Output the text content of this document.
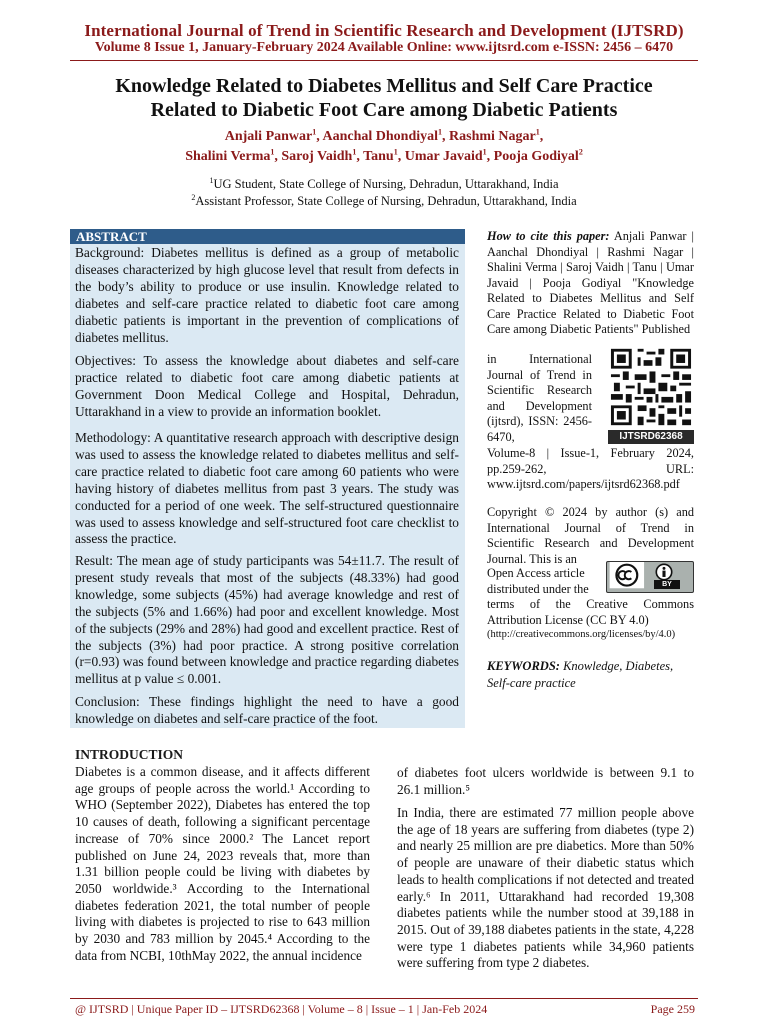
International Journal of Trend in Scientific Research and Development (IJTSRD)
Volume 8 Issue 1, January-February 2024 Available Online: www.ijtsrd.com e-ISSN: 2456 – 6470
Knowledge Related to Diabetes Mellitus and Self Care Practice
Related to Diabetic Foot Care among Diabetic Patients
Anjali Panwar$^1$, Aanchal Dhondiyal$^1$, Rashmi Nagar$^1$,
Shalini Verma$^1$, Saroj Vaidh$^1$, Tanu$^1$, Umar Javaid$^1$, Pooja Godiyal$^2$
$^1$UG Student, State College of Nursing, Dehradun, Uttarakhand, India
$^2$Assistant Professor, State College of Nursing, Dehradun, Uttarakhand, India
ABSTRACT
Background: Diabetes mellitus is defined as a group of metabolic diseases characterized by high glucose level that result from defects in the body’s ability to produce or use insulin. Knowledge related to diabetes and self-care practice related to diabetic foot care among diabetic patients is important in the prevention of complications of diabetes mellitus.
Objectives: To assess the knowledge about diabetes and self-care practice related to diabetic foot care among diabetic patients at Government Doon Medical College and Hospital, Dehradun, Uttarakhand in a view to provide an information booklet.
Methodology: A quantitative research approach with descriptive design was used to assess the knowledge related to diabetes mellitus and self-care practice related to diabetic foot care among 60 patients who were having history of diabetes mellitus from past 3 years. The study was conducted for a period of one week. The self-structured questionnaire was used to assess knowledge and self-structured foot care checklist to assess the practice.
Result: The mean age of study participants was 54±11.7. The result of present study reveals that most of the subjects (48.33%) had good knowledge, some subjects (45%) had average knowledge and rest of the subjects (5% and 1.66%) had poor and excellent knowledge. Most of the subjects (29% and 28%) had good and excellent practice. Rest of the subjects (3%) had poor practice. A strong positive correlation (r=0.93) was found between knowledge and practice regarding diabetes mellitus at p value ≤ 0.001.
Conclusion: These findings highlight the need to have a good knowledge on diabetes and self-care practice of the foot.
How to cite this paper: Anjali Panwar | Aanchal Dhondiyal | Rashmi Nagar | Shalini Verma | Saroj Vaidh | Tanu | Umar Javaid | Pooja Godiyal "Knowledge Related to Diabetes Mellitus and Self Care Practice Related to Diabetic Foot Care among Diabetic Patients" Published
in International Journal of Trend in Scientific Research and Development (ijtsrd), ISSN: 2456-6470,
Volume-8 | Issue-1, February 2024, pp.259-262, URL: www.ijtsrd.com/papers/ijtsrd62368.pdf
IJTSRD62368
Copyright © 2024 by author (s) and International Journal of Trend in Scientific Research and Development Journal. This is an
Open Access article distributed under the	BY
terms of the Creative Commons Attribution License (CC BY 4.0)
(http://creativecommons.org/licenses/by/4.0)
KEYWORDS: Knowledge, Diabetes, Self-care practice
INTRODUCTION
Diabetes is a common disease, and it affects different age groups of people across the world.¹ According to WHO (September 2022), Diabetes has entered the top 10 causes of death, following a significant percentage increase of 70% since 2000.² The Lancet report published on June 24, 2023 reveals that, more than 1.31 billion people could be living with diabetes by 2050 worldwide.³ According to the International diabetes federation 2021, the total number of people living with diabetes is projected to rise to 643 million by 2030 and 783 million by 2045.⁴ According to the data from NCBI, 10thMay 2022, the annual incidence
of diabetes foot ulcers worldwide is between 9.1 to 26.1 million.⁵
In India, there are estimated 77 million people above the age of 18 years are suffering from diabetes (type 2) and nearly 25 million are pre diabetics. More than 50% of people are unaware of their diabetic status which leads to health complications if not detected and treated early.⁶ In 2011, Uttarakhand had recorded 19,308 diabetes patients while the number stood at 39,188 in 2015. Out of 39,188 diabetes patients in the state, 4,228 were type 1 diabetes patients while 34,960 patients were suffering from type 2 diabetes.
@ IJTSRD | Unique Paper ID – IJTSRD62368 | Volume – 8 | Issue – 1 | Jan-Feb 2024	Page 259
